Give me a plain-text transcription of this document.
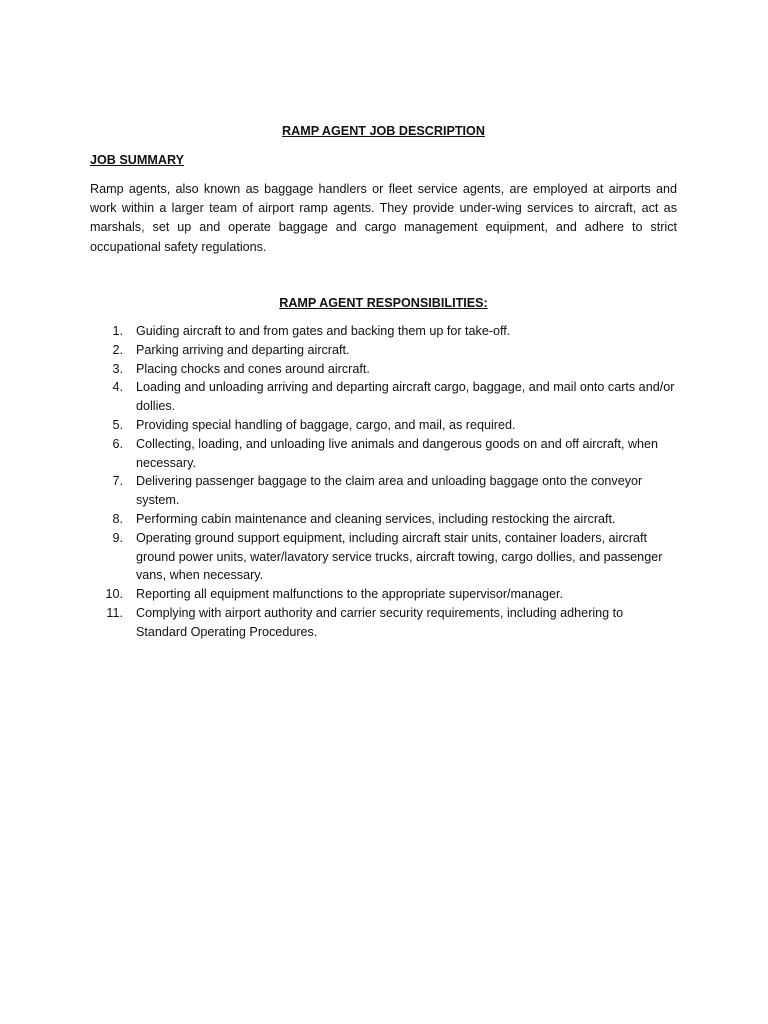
RAMP AGENT JOB DESCRIPTION

JOB SUMMARY

Ramp agents, also known as baggage handlers or fleet service agents, are employed at airports and work within a larger team of airport ramp agents. They provide under-wing services to aircraft, act as marshals, set up and operate baggage and cargo management equipment, and adhere to strict occupational safety regulations.

RAMP AGENT RESPONSIBILITIES:

1. Guiding aircraft to and from gates and backing them up for take-off.
2. Parking arriving and departing aircraft.
3. Placing chocks and cones around aircraft.
4. Loading and unloading arriving and departing aircraft cargo, baggage, and mail onto carts and/or dollies.
5. Providing special handling of baggage, cargo, and mail, as required.
6. Collecting, loading, and unloading live animals and dangerous goods on and off aircraft, when necessary.
7. Delivering passenger baggage to the claim area and unloading baggage onto the conveyor system.
8. Performing cabin maintenance and cleaning services, including restocking the aircraft.
9. Operating ground support equipment, including aircraft stair units, container loaders, aircraft ground power units, water/lavatory service trucks, aircraft towing, cargo dollies, and passenger vans, when necessary.
10. Reporting all equipment malfunctions to the appropriate supervisor/manager.
11. Complying with airport authority and carrier security requirements, including adhering to Standard Operating Procedures.
